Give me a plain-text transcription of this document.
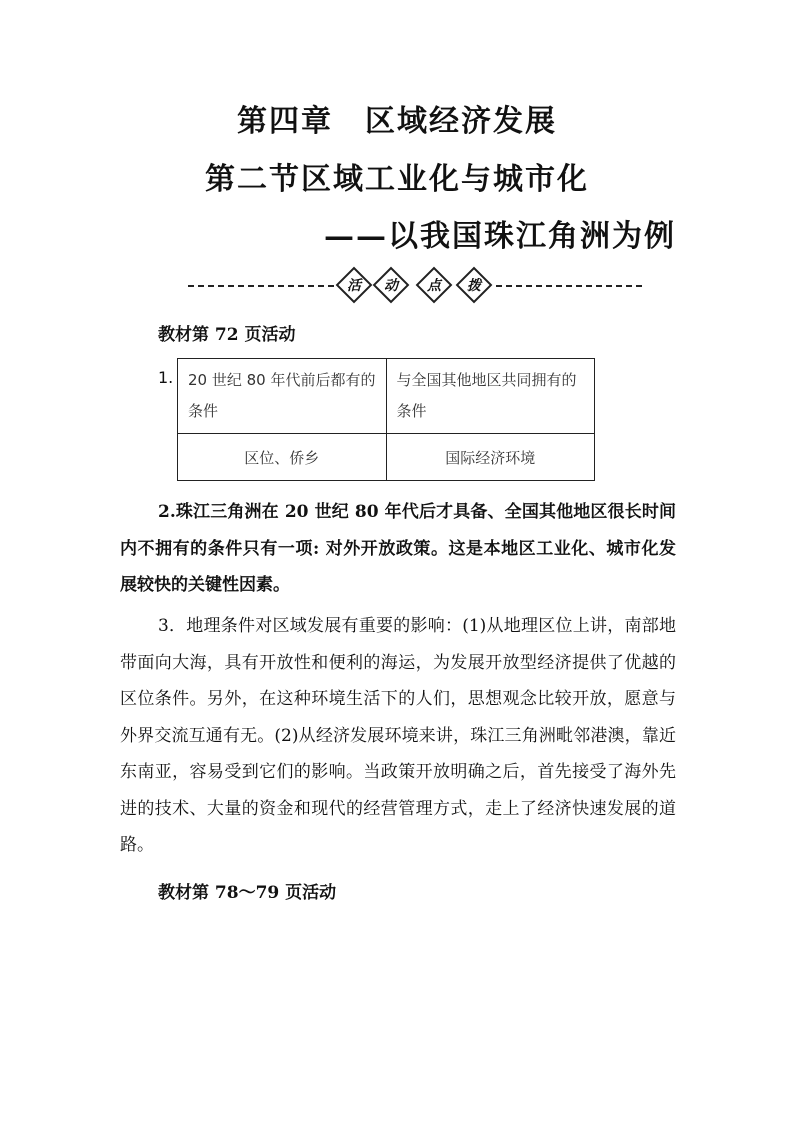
第四章　区域经济发展
第二节区域工业化与城市化
——以我国珠江角洲为例
活 动 点 拨
教材第 72 页活动
1. 20 世纪 80 年代前后都有的条件	与全国其他地区共同拥有的条件
区位、侨乡	国际经济环境
2.珠江三角洲在 20 世纪 80 年代后才具备、全国其他地区很长时间内不拥有的条件只有一项: 对外开放政策。这是本地区工业化、城市化发展较快的关键性因素。
3．地理条件对区域发展有重要的影响：(1)从地理区位上讲，南部地带面向大海，具有开放性和便利的海运，为发展开放型经济提供了优越的区位条件。另外，在这种环境生活下的人们，思想观念比较开放，愿意与外界交流互通有无。(2)从经济发展环境来讲，珠江三角洲毗邻港澳，靠近东南亚，容易受到它们的影响。当政策开放明确之后，首先接受了海外先进的技术、大量的资金和现代的经营管理方式，走上了经济快速发展的道路。
教材第 78～79 页活动
